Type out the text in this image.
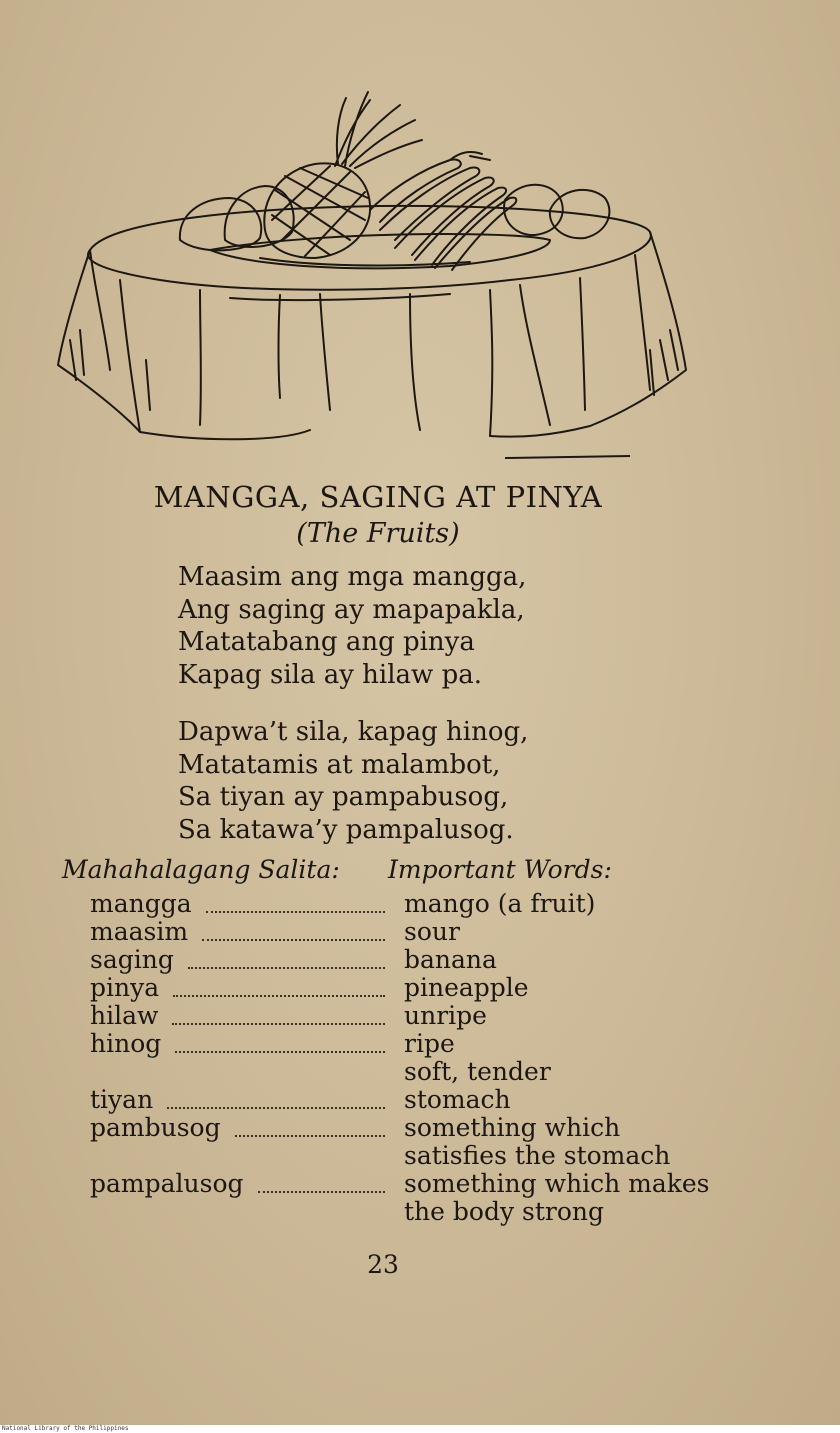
MANGGA, SAGING AT PINYA
(The Fruits)
Maasim ang mga mangga,
Ang saging ay mapapakla,
Matatabang ang pinya
Kapag sila ay hilaw pa.
Dapwa’t sila, kapag hinog,
Matatamis at malambot,
Sa tiyan ay pampabusog,
Sa katawa’y pampalusog.
Mahahalagang Salita: Important Words:
mangga	mango (a fruit)
maasim	sour
saging	banana
pinya	pineapple
hilaw	unripe
hinog	ripe
soft, tender
tiyan	stomach
pambusog	something which
satisfies the stomach
pampalusog	something which makes
the body strong
23
National Library of the Philippines
